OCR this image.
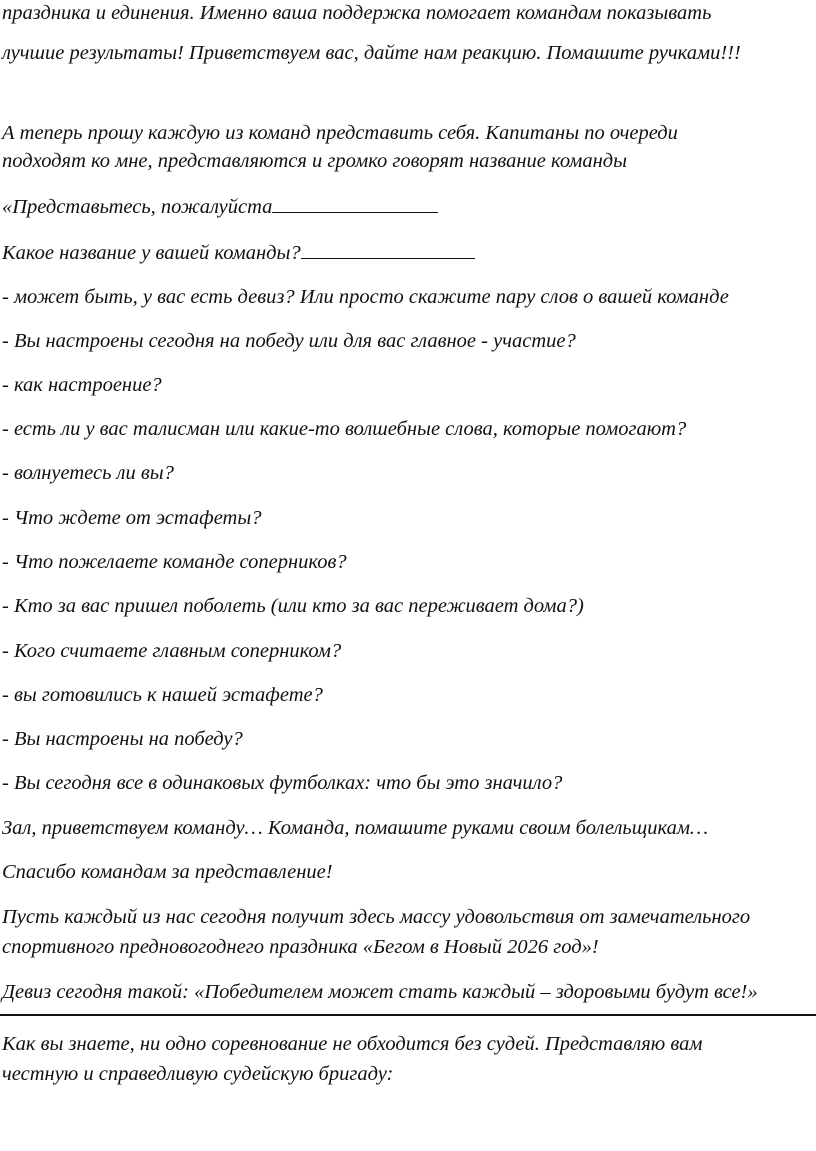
праздника и единения. Именно ваша поддержка помогает командам показывать

лучшие результаты! Приветствуем вас, дайте нам реакцию. Помашите ручками!!!

А теперь прошу каждую из команд представить себя. Капитаны по очереди

подходят ко мне, представляются и громко говорят название команды

«Представьтесь, пожалуйста

Какое название у вашей команды?

- может быть, у вас есть девиз? Или просто скажите пару слов о вашей команде

- Вы настроены сегодня на победу или для вас главное - участие?

- как настроение?

- есть ли у вас талисман или какие-то волшебные слова, которые помогают?

- волнуетесь ли вы?

- Что ждете от эстафеты?

- Что пожелаете команде соперников?

- Кто за вас пришел поболеть (или кто за вас переживает дома?)

- Кого считаете главным соперником?

- вы готовились к нашей эстафете?

- Вы настроены на победу?

- Вы сегодня все в одинаковых футболках: что бы это значило?

Зал, приветствуем команду… Команда, помашите руками своим болельщикам…

Спасибо командам за представление!

Пусть каждый из нас сегодня получит здесь массу удовольствия от замечательного

спортивного предновогоднего праздника «Бегом в Новый 2026 год»!

Девиз сегодня такой: «Победителем может стать каждый – здоровыми будут все!»

Как вы знаете, ни одно соревнование не обходится без судей. Представляю вам

честную и справедливую судейскую бригаду:
